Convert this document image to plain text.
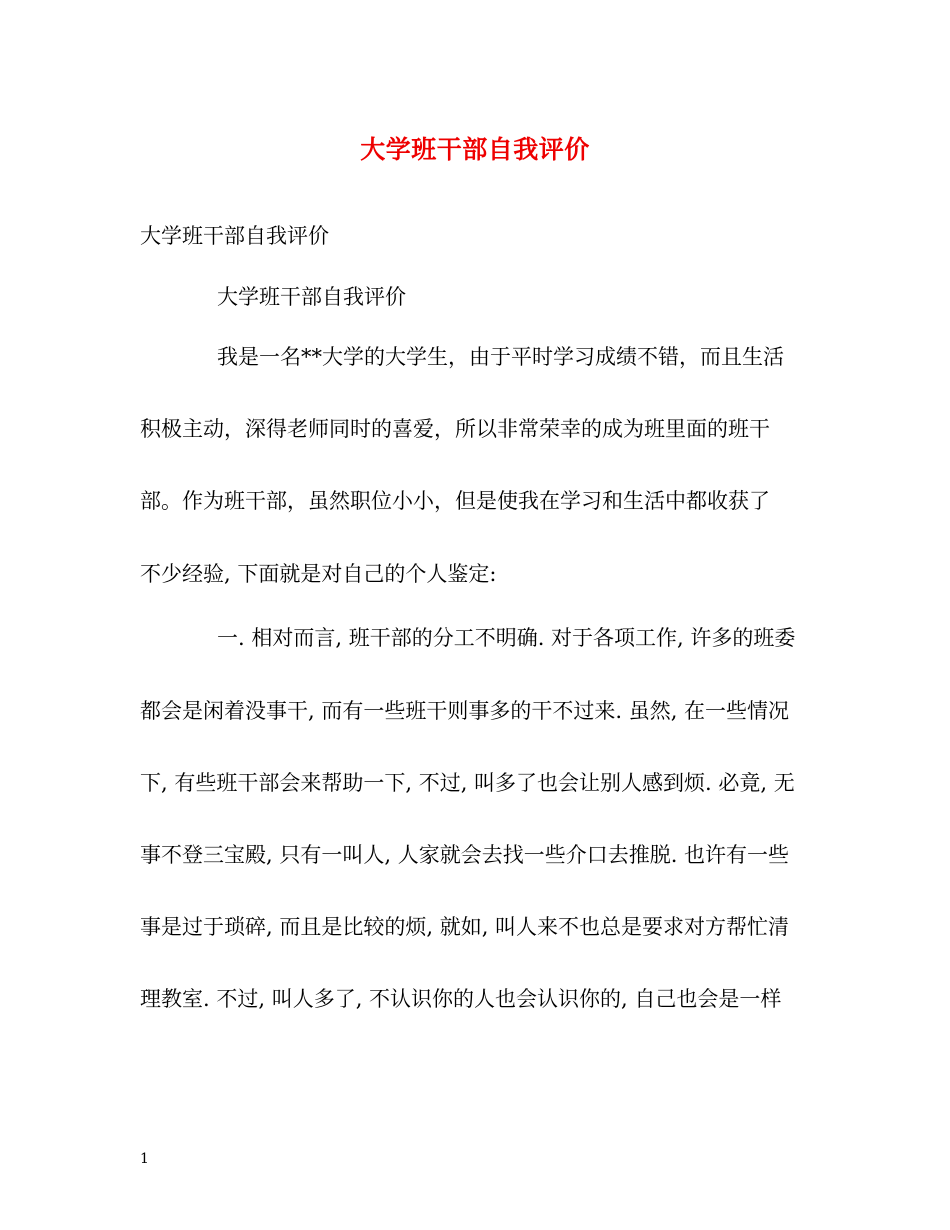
大学班干部自我评价
大学班干部自我评价
大学班干部自我评价
我是一名**大学的大学生，由于平时学习成绩不错，而且生活
积极主动，深得老师同时的喜爱，所以非常荣幸的成为班里面的班干
部。作为班干部，虽然职位小小，但是使我在学习和生活中都收获了
不少经验, 下面就是对自己的个人鉴定:
一. 相对而言, 班干部的分工不明确. 对于各项工作, 许多的班委
都会是闲着没事干, 而有一些班干则事多的干不过来. 虽然, 在一些情况
下, 有些班干部会来帮助一下, 不过, 叫多了也会让别人感到烦. 必竟, 无
事不登三宝殿, 只有一叫人, 人家就会去找一些介口去推脱. 也许有一些
事是过于琐碎, 而且是比较的烦, 就如, 叫人来不也总是要求对方帮忙清
理教室. 不过, 叫人多了, 不认识你的人也会认识你的, 自己也会是一样
1
